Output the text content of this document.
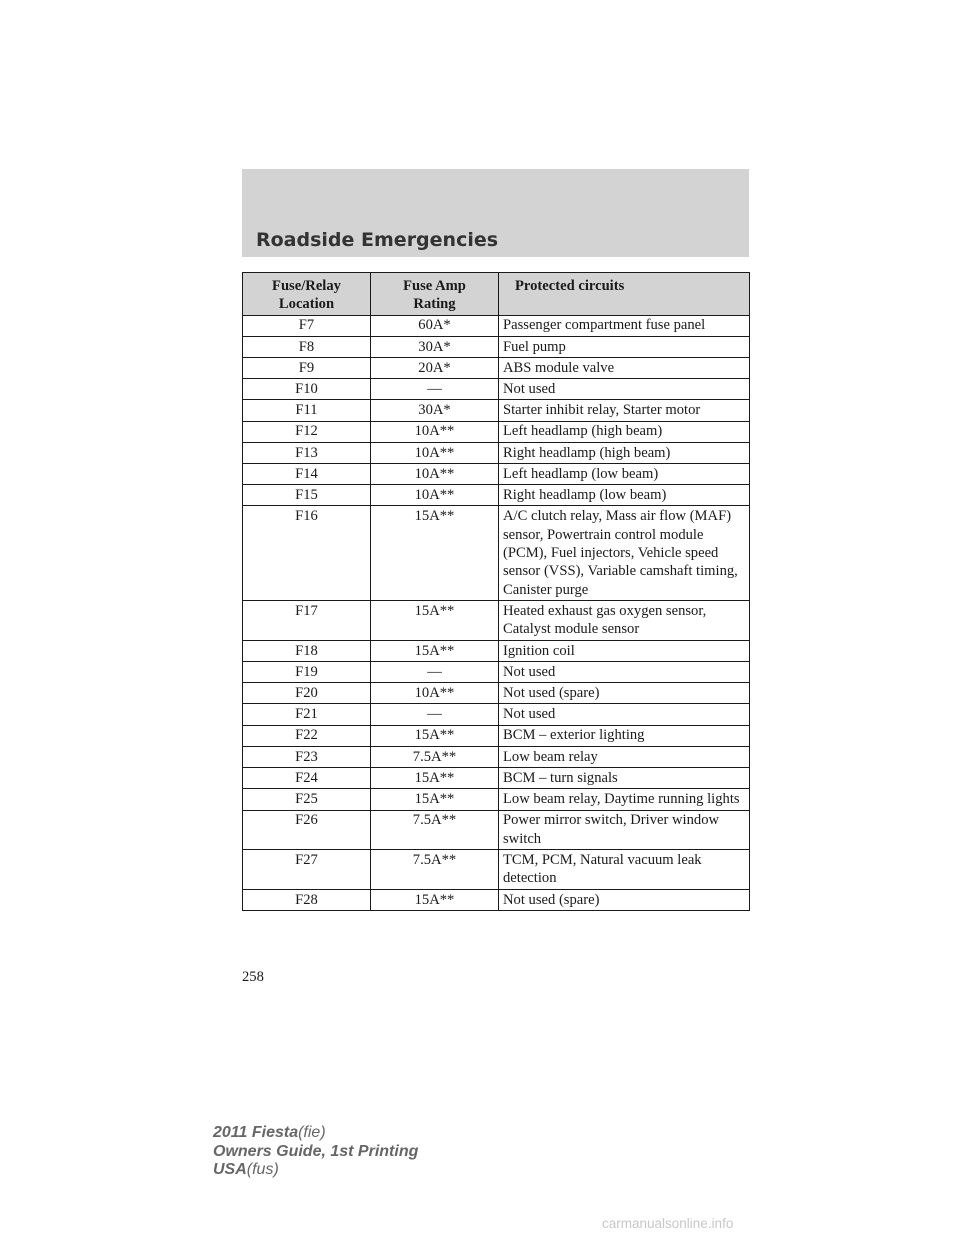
Roadside Emergencies
Fuse/Relay Location	Fuse Amp Rating	Protected circuits
F7	60A*	Passenger compartment fuse panel
F8	30A*	Fuel pump
F9	20A*	ABS module valve
F10	—	Not used
F11	30A*	Starter inhibit relay, Starter motor
F12	10A**	Left headlamp (high beam)
F13	10A**	Right headlamp (high beam)
F14	10A**	Left headlamp (low beam)
F15	10A**	Right headlamp (low beam)
F16	15A**	A/C clutch relay, Mass air flow (MAF) sensor, Powertrain control module (PCM), Fuel injectors, Vehicle speed sensor (VSS), Variable camshaft timing, Canister purge
F17	15A**	Heated exhaust gas oxygen sensor, Catalyst module sensor
F18	15A**	Ignition coil
F19	—	Not used
F20	10A**	Not used (spare)
F21	—	Not used
F22	15A**	BCM – exterior lighting
F23	7.5A**	Low beam relay
F24	15A**	BCM – turn signals
F25	15A**	Low beam relay, Daytime running lights
F26	7.5A**	Power mirror switch, Driver window switch
F27	7.5A**	TCM, PCM, Natural vacuum leak detection
F28	15A**	Not used (spare)
258
2011 Fiesta(fie)
Owners Guide, 1st Printing
USA(fus)
carmanualsonline.info
